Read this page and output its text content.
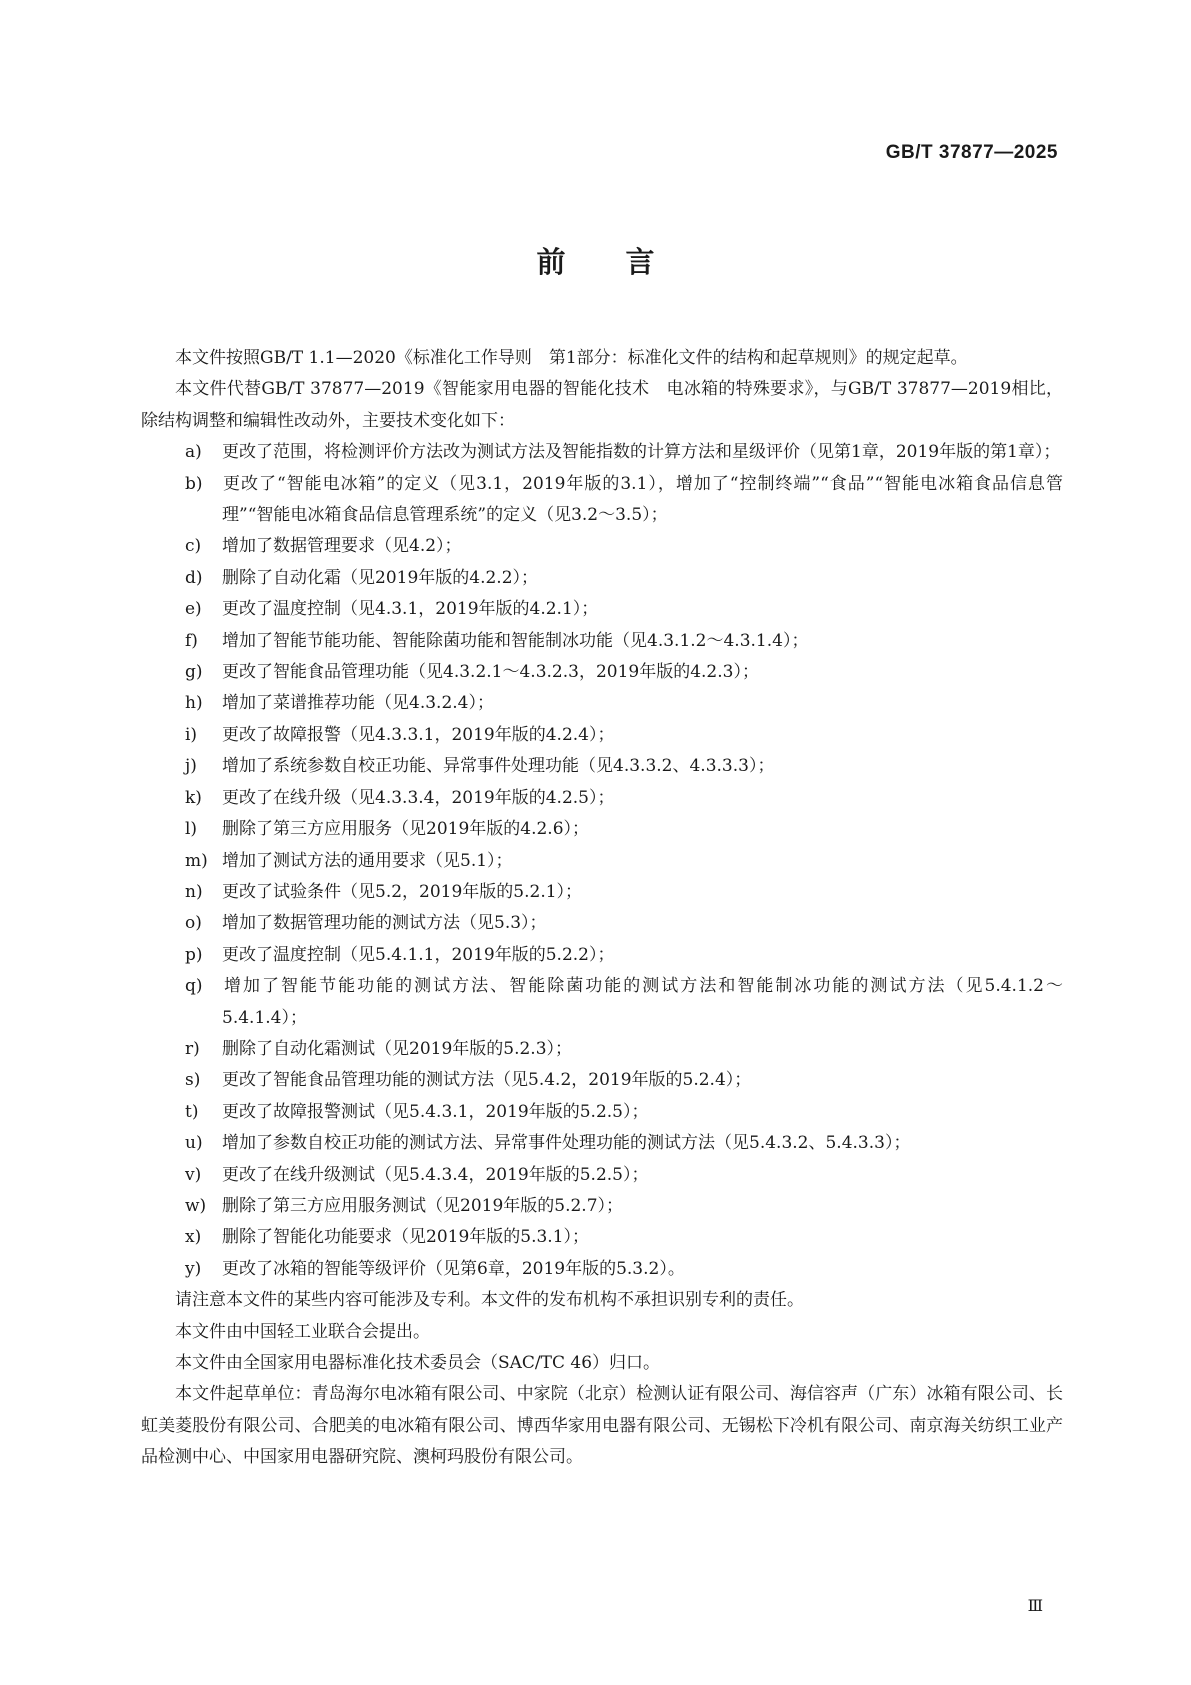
GB/T 37877—2025
前言

本文件按照GB/T 1.1—2020《标准化工作导则　第1部分：标准化文件的结构和起草规则》的规定起草。

本文件代替GB/T 37877—2019《智能家用电器的智能化技术　电冰箱的特殊要求》，与GB/T 37877—2019相比，除结构调整和编辑性改动外，主要技术变化如下：

a) 更改了范围，将检测评价方法改为测试方法及智能指数的计算方法和星级评价（见第1章，2019年版的第1章）；

b) 更改了“智能电冰箱”的定义（见3.1，2019年版的3.1），增加了“控制终端”“食品”“智能电冰箱食品信息管理”“智能电冰箱食品信息管理系统”的定义（见3.2～3.5）；

c) 增加了数据管理要求（见4.2）；

d) 删除了自动化霜（见2019年版的4.2.2）；

e) 更改了温度控制（见4.3.1，2019年版的4.2.1）；

f) 增加了智能节能功能、智能除菌功能和智能制冰功能（见4.3.1.2～4.3.1.4）；

g) 更改了智能食品管理功能（见4.3.2.1～4.3.2.3，2019年版的4.2.3）；

h) 增加了菜谱推荐功能（见4.3.2.4）；

i) 更改了故障报警（见4.3.3.1，2019年版的4.2.4）；

j) 增加了系统参数自校正功能、异常事件处理功能（见4.3.3.2、4.3.3.3）；

k) 更改了在线升级（见4.3.3.4，2019年版的4.2.5）；

l) 删除了第三方应用服务（见2019年版的4.2.6）；

m) 增加了测试方法的通用要求（见5.1）；

n) 更改了试验条件（见5.2，2019年版的5.2.1）；

o) 增加了数据管理功能的测试方法（见5.3）；

p) 更改了温度控制（见5.4.1.1，2019年版的5.2.2）；

q) 增加了智能节能功能的测试方法、智能除菌功能的测试方法和智能制冰功能的测试方法（见5.4.1.2～5.4.1.4）；

r) 删除了自动化霜测试（见2019年版的5.2.3）；

s) 更改了智能食品管理功能的测试方法（见5.4.2，2019年版的5.2.4）；

t) 更改了故障报警测试（见5.4.3.1，2019年版的5.2.5）；

u) 增加了参数自校正功能的测试方法、异常事件处理功能的测试方法（见5.4.3.2、5.4.3.3）；

v) 更改了在线升级测试（见5.4.3.4，2019年版的5.2.5）；

w) 删除了第三方应用服务测试（见2019年版的5.2.7）；

x) 删除了智能化功能要求（见2019年版的5.3.1）；

y) 更改了冰箱的智能等级评价（见第6章，2019年版的5.3.2）。

请注意本文件的某些内容可能涉及专利。本文件的发布机构不承担识别专利的责任。

本文件由中国轻工业联合会提出。

本文件由全国家用电器标准化技术委员会（SAC/TC 46）归口。

本文件起草单位：青岛海尔电冰箱有限公司、中家院（北京）检测认证有限公司、海信容声（广东）冰箱有限公司、长虹美菱股份有限公司、合肥美的电冰箱有限公司、博西华家用电器有限公司、无锡松下冷机有限公司、南京海关纺织工业产品检测中心、中国家用电器研究院、澳柯玛股份有限公司。

Ⅲ
